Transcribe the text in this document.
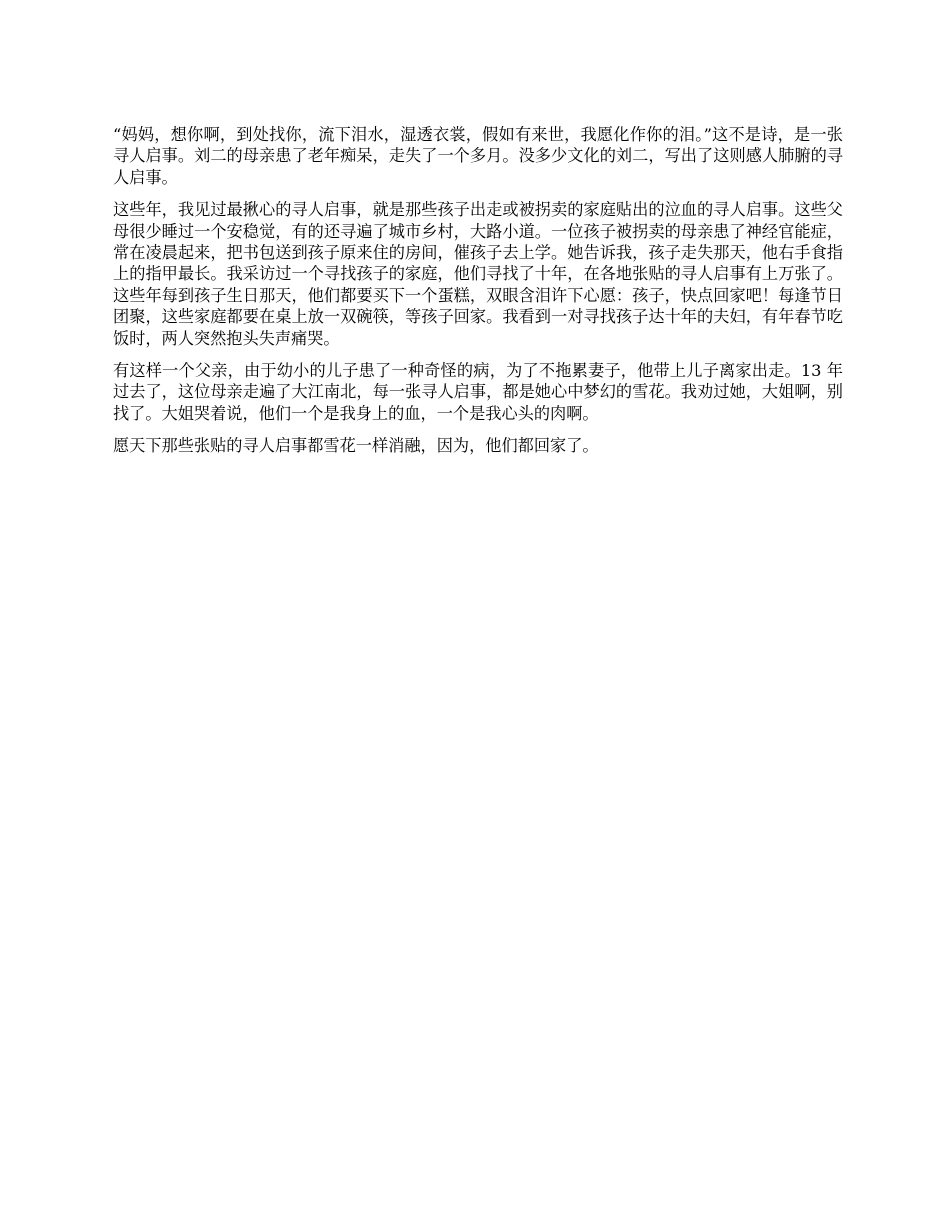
“妈妈，想你啊，到处找你，流下泪水，湿透衣裳，假如有来世，我愿化作你的泪。”这不是诗，是一张寻人启事。刘二的母亲患了老年痴呆，走失了一个多月。没多少文化的刘二，写出了这则感人肺腑的寻人启事。

这些年，我见过最揪心的寻人启事，就是那些孩子出走或被拐卖的家庭贴出的泣血的寻人启事。这些父母很少睡过一个安稳觉，有的还寻遍了城市乡村，大路小道。一位孩子被拐卖的母亲患了神经官能症，常在凌晨起来，把书包送到孩子原来住的房间，催孩子去上学。她告诉我，孩子走失那天，他右手食指上的指甲最长。我采访过一个寻找孩子的家庭，他们寻找了十年，在各地张贴的寻人启事有上万张了。这些年每到孩子生日那天，他们都要买下一个蛋糕，双眼含泪许下心愿：孩子，快点回家吧！每逢节日团聚，这些家庭都要在桌上放一双碗筷，等孩子回家。我看到一对寻找孩子达十年的夫妇，有年春节吃饭时，两人突然抱头失声痛哭。

有这样一个父亲，由于幼小的儿子患了一种奇怪的病，为了不拖累妻子，他带上儿子离家出走。13 年过去了，这位母亲走遍了大江南北，每一张寻人启事，都是她心中梦幻的雪花。我劝过她，大姐啊，别找了。大姐哭着说，他们一个是我身上的血，一个是我心头的肉啊。

愿天下那些张贴的寻人启事都雪花一样消融，因为，他们都回家了。
